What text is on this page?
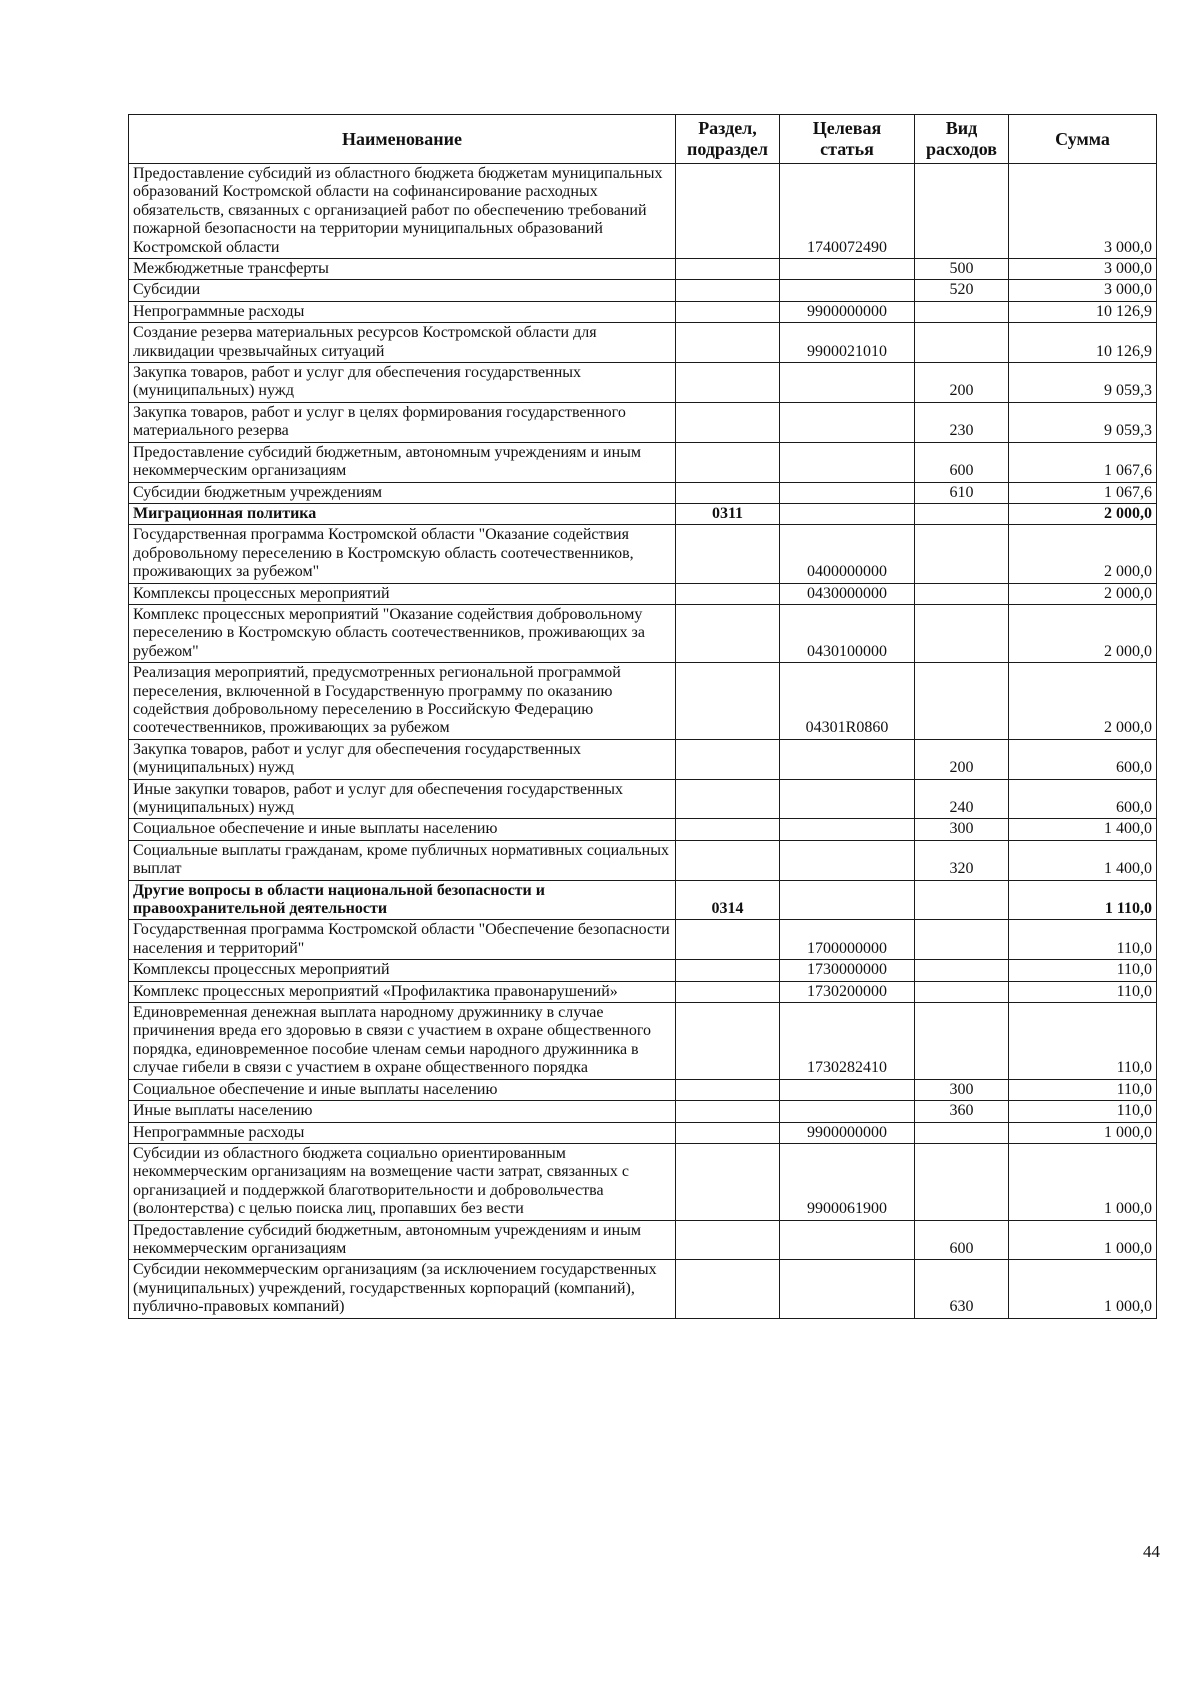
Наименование	Раздел, подраздел	Целевая статья	Вид расходов	Сумма
Предоставление субсидий из областного бюджета бюджетам муниципальных образований Костромской области на софинансирование расходных обязательств, связанных с организацией работ по обеспечению требований пожарной безопасности на территории муниципальных образований Костромской области		1740072490		3 000,0
Межбюджетные трансферты			500	3 000,0
Субсидии			520	3 000,0
Непрограммные расходы		9900000000		10 126,9
Создание резерва материальных ресурсов Костромской области для ликвидации чрезвычайных ситуаций		9900021010		10 126,9
Закупка товаров, работ и услуг для обеспечения государственных (муниципальных) нужд			200	9 059,3
Закупка товаров, работ и услуг в целях формирования государственного материального резерва			230	9 059,3
Предоставление субсидий бюджетным, автономным учреждениям и иным некоммерческим организациям			600	1 067,6
Субсидии бюджетным учреждениям			610	1 067,6
Миграционная политика	0311			2 000,0
Государственная программа Костромской области "Оказание содействия добровольному переселению в Костромскую область соотечественников, проживающих за рубежом"		0400000000		2 000,0
Комплексы процессных мероприятий		0430000000		2 000,0
Комплекс процессных мероприятий "Оказание содействия добровольному переселению в Костромскую область соотечественников, проживающих за рубежом"		0430100000		2 000,0
Реализация мероприятий, предусмотренных региональной программой переселения, включенной в Государственную программу по оказанию содействия добровольному переселению в Российскую Федерацию соотечественников, проживающих за рубежом		04301R0860		2 000,0
Закупка товаров, работ и услуг для обеспечения государственных (муниципальных) нужд			200	600,0
Иные закупки товаров, работ и услуг для обеспечения государственных (муниципальных) нужд			240	600,0
Социальное обеспечение и иные выплаты населению			300	1 400,0
Социальные выплаты гражданам, кроме публичных нормативных социальных выплат			320	1 400,0
Другие вопросы в области национальной безопасности и правоохранительной деятельности	0314			1 110,0
Государственная программа Костромской области "Обеспечение безопасности населения и территорий"		1700000000		110,0
Комплексы процессных мероприятий		1730000000		110,0
Комплекс процессных мероприятий «Профилактика правонарушений»		1730200000		110,0
Единовременная денежная выплата народному дружиннику в случае причинения вреда его здоровью в связи с участием в охране общественного порядка, единовременное пособие членам семьи народного дружинника в случае гибели в связи с участием в охране общественного порядка		1730282410		110,0
Социальное обеспечение и иные выплаты населению			300	110,0
Иные выплаты населению			360	110,0
Непрограммные расходы		9900000000		1 000,0
Субсидии из областного бюджета социально ориентированным некоммерческим организациям на возмещение части затрат, связанных с организацией и поддержкой благотворительности и добровольчества (волонтерства) с целью поиска лиц, пропавших без вести		9900061900		1 000,0
Предоставление субсидий бюджетным, автономным учреждениям и иным некоммерческим организациям			600	1 000,0
Субсидии некоммерческим организациям (за исключением государственных (муниципальных) учреждений, государственных корпораций (компаний), публично-правовых компаний)			630	1 000,0
44
